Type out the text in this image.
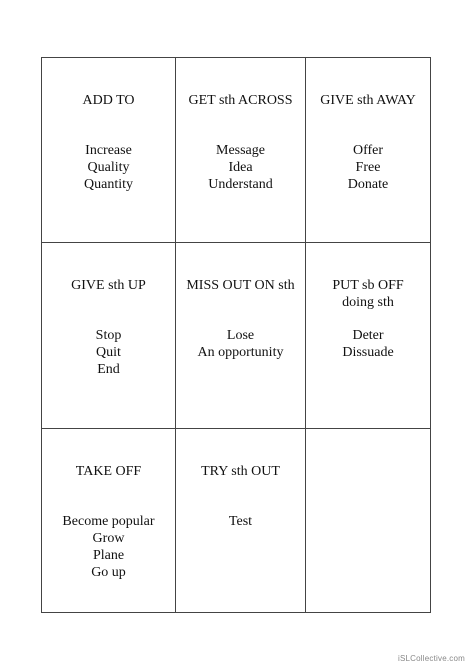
ADD TO
Increase
Quality
Quantity
GET sth ACROSS
Message
Idea
Understand
GIVE sth AWAY
Offer
Free
Donate
GIVE sth UP
Stop
Quit
End
MISS OUT ON sth
Lose
An opportunity
PUT sb OFF
doing sth
Deter
Dissuade
TAKE OFF
Become popular
Grow
Plane
Go up
TRY sth OUT
Test
iSLCollective.com
